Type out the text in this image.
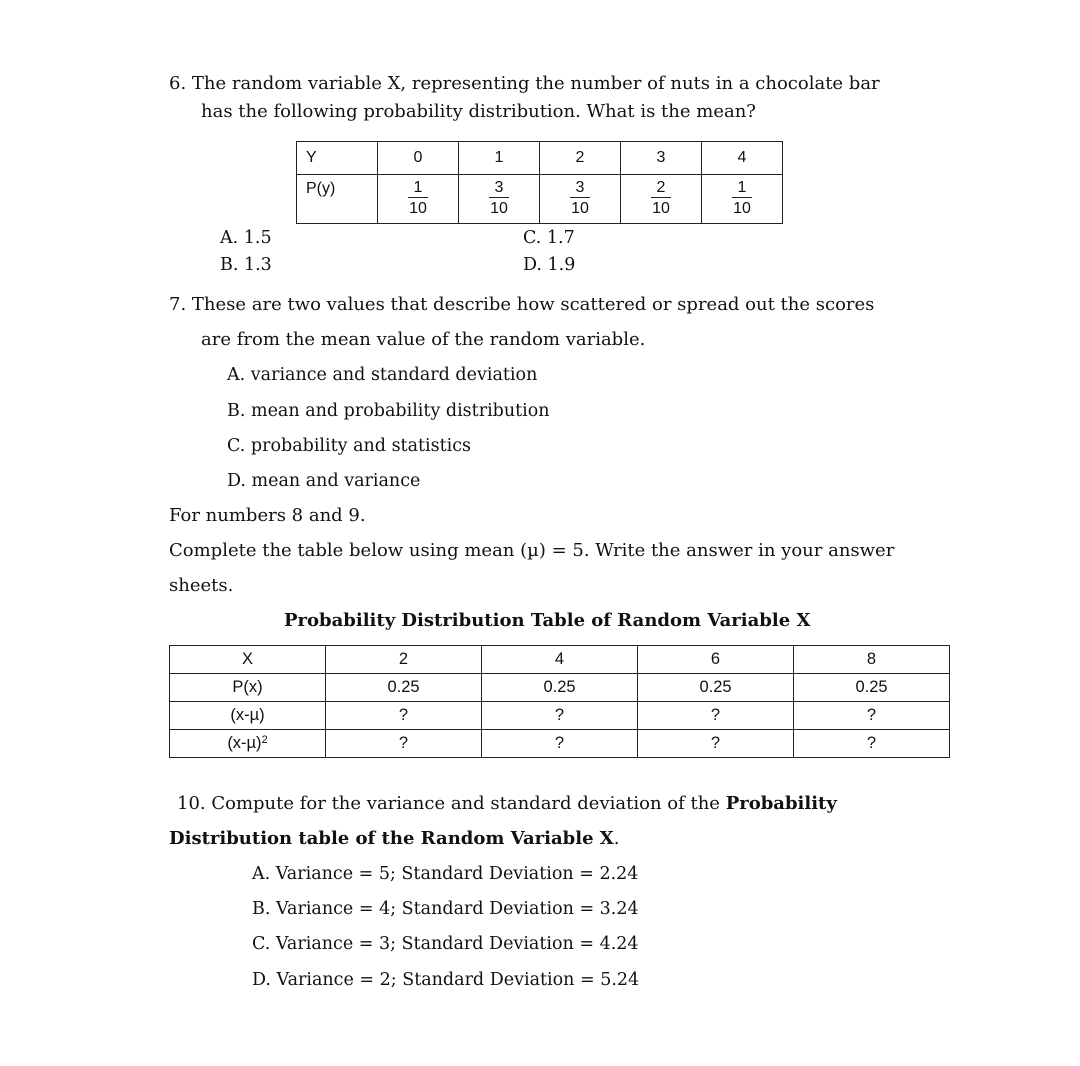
6. The random variable X, representing the number of nuts in a chocolate bar
has the following probability distribution. What is the mean?
Y	0	1	2	3	4

P(y)	$\frac{1}{10}$	$\frac{3}{10}$	$\frac{3}{10}$	$\frac{2}{10}$	$\frac{1}{10}$
A. 1.5
B. 1.3
C. 1.7
D. 1.9
7. These are two values that describe how scattered or spread out the scores
are from the mean value of the random variable.
A. variance and standard deviation
B. mean and probability distribution
C. probability and statistics
D. mean and variance
For numbers 8 and 9.
Complete the table below using mean (µ) = 5. Write the answer in your answer
sheets.
Probability Distribution Table of Random Variable X
X	2	4	6	8
P(x)	0.25	0.25	0.25	0.25
(x-µ)	?	?	?	?
$(x-\mu)^2$	?	?	?	?
10. Compute for the variance and standard deviation of the Probability
Distribution table of the Random Variable X.
A. Variance = 5; Standard Deviation = 2.24
B. Variance = 4; Standard Deviation = 3.24
C. Variance = 3; Standard Deviation = 4.24
D. Variance = 2; Standard Deviation = 5.24
